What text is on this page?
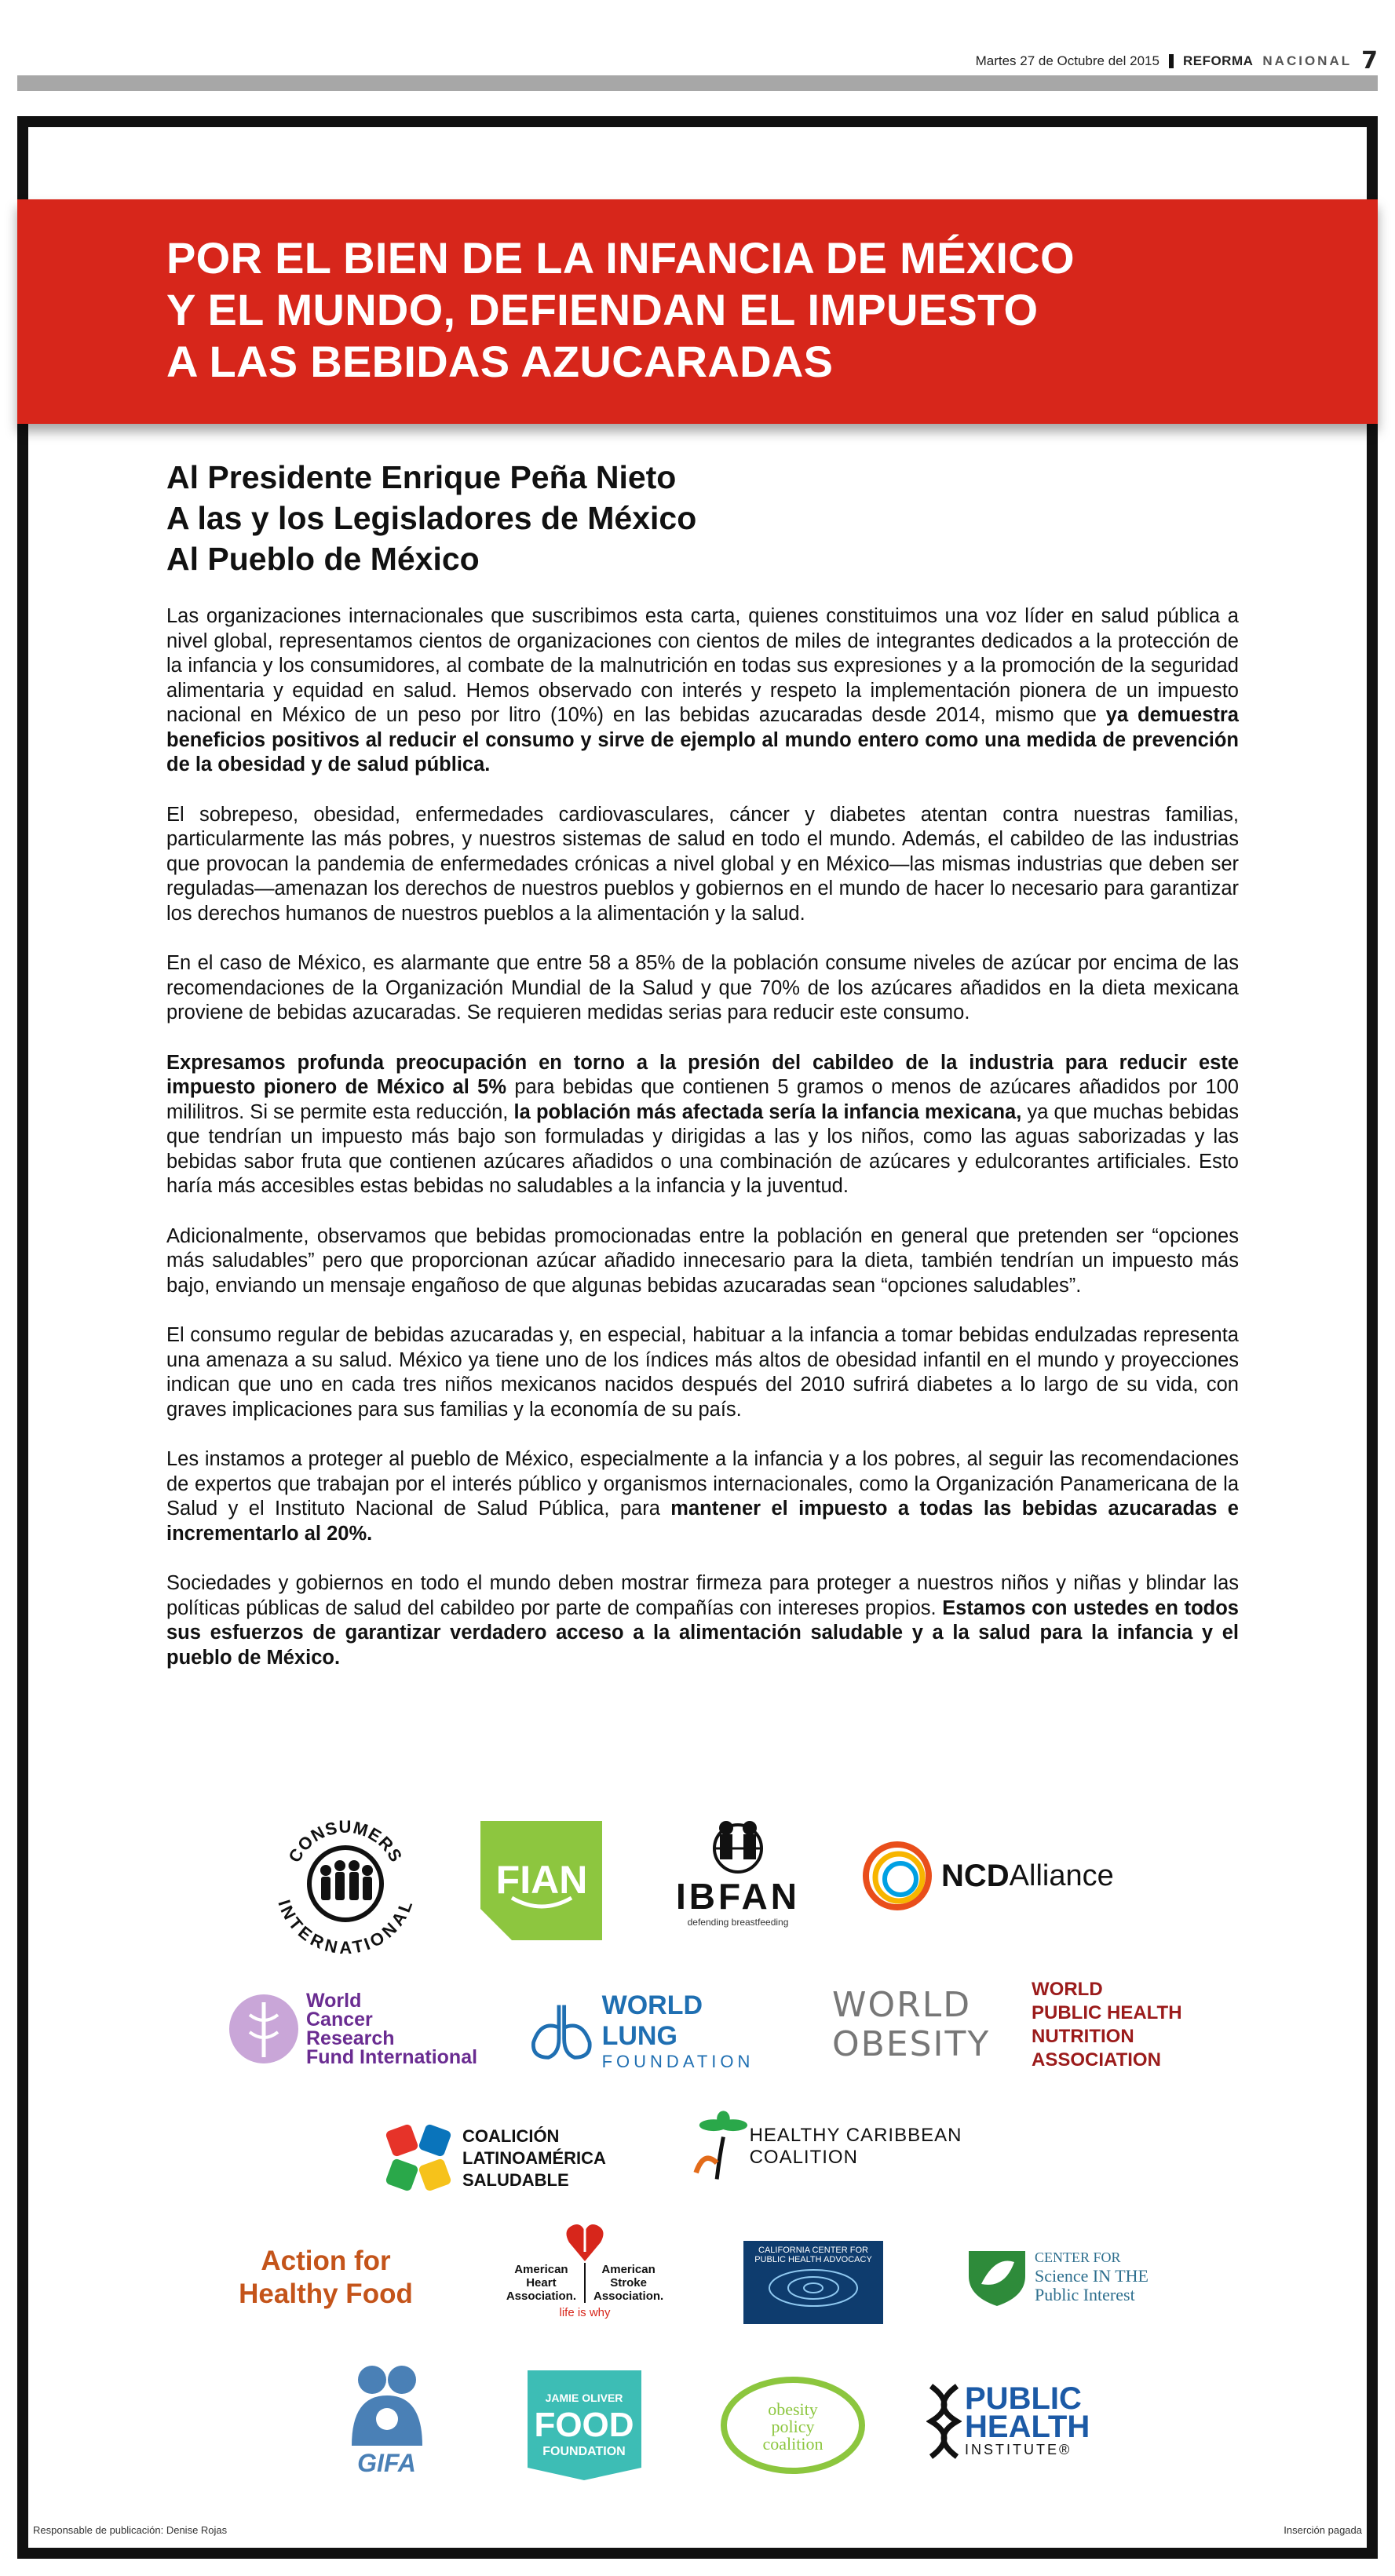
Martes 27 de Octubre del 2015 REFORMA NACIONAL 7
POR EL BIEN DE LA INFANCIA DE MÉXICO
Y EL MUNDO, DEFIENDAN EL IMPUESTO
A LAS BEBIDAS AZUCARADAS
Al Presidente Enrique Peña Nieto
A las y los Legisladores de México
Al Pueblo de México

Las organizaciones internacionales que suscribimos esta carta, quienes constituimos una voz líder en salud pública a nivel global, representamos cientos de organizaciones con cientos de miles de integrantes dedicados a la protección de la infancia y los consumidores, al combate de la malnutrición en todas sus expresiones y a la promoción de la seguridad alimentaria y equidad en salud. Hemos observado con interés y respeto la implementación pionera de un impuesto nacional en México de un peso por litro (10%) en las bebidas azucaradas desde 2014, mismo que ya demuestra beneficios positivos al reducir el consumo y sirve de ejemplo al mundo entero como una medida de prevención de la obesidad y de salud pública.

El sobrepeso, obesidad, enfermedades cardiovasculares, cáncer y diabetes atentan contra nuestras familias, particularmente las más pobres, y nuestros sistemas de salud en todo el mundo. Además, el cabildeo de las industrias que provocan la pandemia de enfermedades crónicas a nivel global y en México—las mismas industrias que deben ser reguladas—amenazan los derechos de nuestros pueblos y gobiernos en el mundo de hacer lo necesario para garantizar los derechos humanos de nuestros pueblos a la alimentación y la salud.

En el caso de México, es alarmante que entre 58 a 85% de la población consume niveles de azúcar por encima de las recomendaciones de la Organización Mundial de la Salud y que 70% de los azúcares añadidos en la dieta mexicana proviene de bebidas azucaradas. Se requieren medidas serias para reducir este consumo.

Expresamos profunda preocupación en torno a la presión del cabildeo de la industria para reducir este impuesto pionero de México al 5% para bebidas que contienen 5 gramos o menos de azúcares añadidos por 100 mililitros. Si se permite esta reducción, la población más afectada sería la infancia mexicana, ya que muchas bebidas que tendrían un impuesto más bajo son formuladas y dirigidas a las y los niños, como las aguas saborizadas y las bebidas sabor fruta que contienen azúcares añadidos o una combinación de azúcares y edulcorantes artificiales. Esto haría más accesibles estas bebidas no saludables a la infancia y la juventud.

Adicionalmente, observamos que bebidas promocionadas entre la población en general que pretenden ser “opciones más saludables” pero que proporcionan azúcar añadido innecesario para la dieta, también tendrían un impuesto más bajo, enviando un mensaje engañoso de que algunas bebidas azucaradas sean “opciones saludables”.

El consumo regular de bebidas azucaradas y, en especial, habituar a la infancia a tomar bebidas endulzadas representa una amenaza a su salud. México ya tiene uno de los índices más altos de obesidad infantil en el mundo y proyecciones indican que uno en cada tres niños mexicanos nacidos después del 2010 sufrirá diabetes a lo largo de su vida, con graves implicaciones para sus familias y la economía de su país.

Les instamos a proteger al pueblo de México, especialmente a la infancia y a los pobres, al seguir las recomendaciones de expertos que trabajan por el interés público y organismos internacionales, como la Organización Panamericana de la Salud y el Instituto Nacional de Salud Pública, para mantener el impuesto a todas las bebidas azucaradas e incrementarlo al 20%.

Sociedades y gobiernos en todo el mundo deben mostrar firmeza para proteger a nuestros niños y niñas y blindar las políticas públicas de salud del cabildeo por parte de compañías con intereses propios. Estamos con ustedes en todos sus esfuerzos de garantizar verdadero acceso a la alimentación saludable y a la salud para la infancia y el pueblo de México.

CONSUMERS
INTERNATIONAL
FIAN IBFAN
defending breastfeeding
NCD Alliance
World
Cancer
Research
Fund International
WORLD LUNG
FOUNDATION
WORLD
OBESITY
WORLD
PUBLIC HEALTH
NUTRITION
ASSOCIATION
COALICIÓN
LATINOAMÉRICA
SALUDABLE
HEALTHY CARIBBEAN COALITION
Action for
Healthy Food
American
Heart
Association.
American
Stroke
Association.
life is why
CALIFORNIA CENTER FOR
PUBLIC HEALTH ADVOCACY	CENTER FOR
Science IN THE
Public Interest
GIFA
JAMIE OLIVER
FOOD
FOUNDATION
obesity
policy
coalition
PUBLIC
HEALTH
INSTITUTE®
Responsable de publicación: Denise Rojas	Inserción pagada
